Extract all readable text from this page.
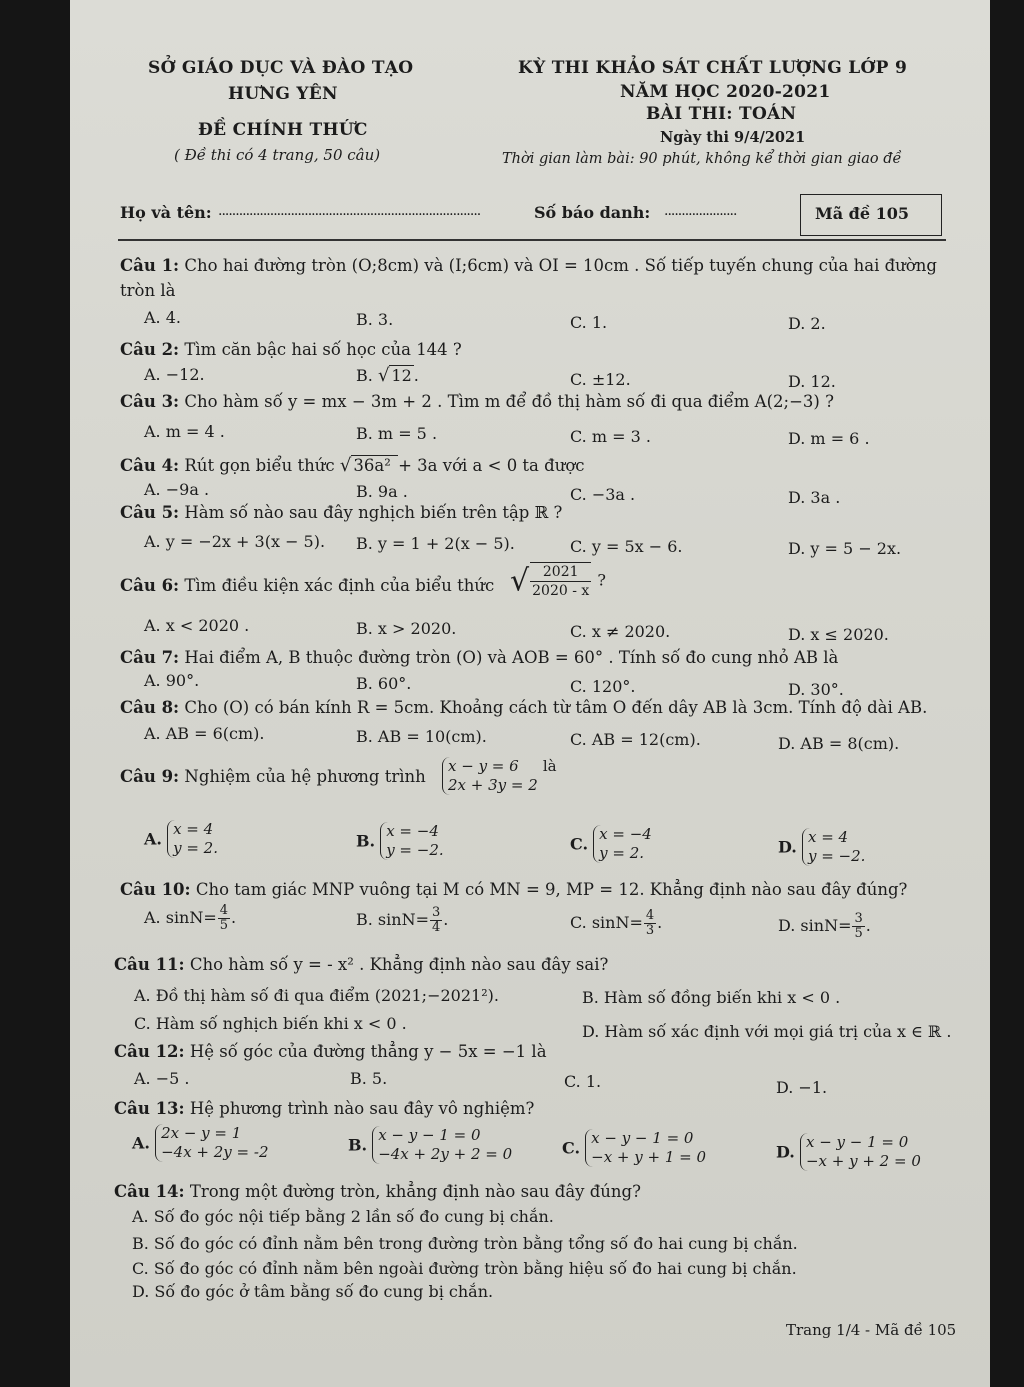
SỞ GIÁO DỤC VÀ ĐÀO TẠO
HƯNG YÊN
ĐỀ CHÍNH THỨC
( Đề thi có 4 trang, 50 câu)
KỲ THI KHẢO SÁT CHẤT LƯỢNG LỚP 9
NĂM HỌC 2020-2021
BÀI THI: TOÁN
Ngày thi 9/4/2021
Thời gian làm bài: 90 phút, không kể thời gian giao đề
Họ và tên: ............................................................................	Số báo danh: .....................	Mã đề 105
Câu 1: Cho hai đường tròn (O;8cm) và (I;6cm) và OI = 10cm . Số tiếp tuyến chung của hai đường
tròn là
A. 4.	B. 3.	C. 1.	D. 2.
Câu 2: Tìm căn bậc hai số học của 144 ?
A. −12.	B. √ 12 .	C. ±12.	D. 12.
Câu 3: Cho hàm số y = mx − 3m + 2 . Tìm m để đồ thị hàm số đi qua điểm A(2;−3) ?
A. m = 4 .	B. m = 5 .	C. m = 3 .	D. m = 6 .
Câu 4: Rút gọn biểu thức √ 36a² + 3a với a < 0 ta được
A. −9a .	B. 9a .	C. −3a .	D. 3a .
Câu 5: Hàm số nào sau đây nghịch biến trên tập ℝ ?
A. y = −2x + 3(x − 5). B. y = 1 + 2(x − 5).	C. y = 5x − 6.	D. y = 5 − 2x.
Câu 6: Tìm điều kiện xác định của biểu thức √ $\frac{2021}{2020 - x}$ ?
A. x < 2020 .	B. x > 2020.	C. x ≠ 2020.	D. x ≤ 2020.
Câu 7: Hai điểm A, B thuộc đường tròn (O) và AOB = 60° . Tính số đo cung nhỏ AB là
A. 90°.	B. 60°.	C. 120°.	D. 30°.
Câu 8: Cho (O) có bán kính R = 5cm. Khoảng cách từ tâm O đến dây AB là 3cm. Tính độ dài AB.
A. AB = 6(cm).	B. AB = 10(cm).	C. AB = 12(cm).	D. AB = 8(cm).
Câu 9: Nghiệm của hệ phương trình
x − y = 6
2x + 3y = 2 là
A. x = 4
y = 2.	B. x = −4
y = −2.	C. x = −4
y = 2.	D. x = 4
y = −2.
Câu 10: Cho tam giác MNP vuông tại M có MN = 9, MP = 12. Khẳng định nào sau đây đúng?
A. $\sin N= \frac{4}{5}$ .	B. $\sin N= \frac{3}{4}$ .	C. $\sin N= \frac{4}{3}$ .	D. $\sin N= \frac{3}{5}$ .
Câu 11: Cho hàm số y = - x² . Khẳng định nào sau đây sai?
A. Đồ thị hàm số đi qua điểm (2021;−2021²).	B. Hàm số đồng biến khi x < 0 .
C. Hàm số nghịch biến khi x < 0 .	D. Hàm số xác định với mọi giá trị của x ∈ ℝ .
Câu 12: Hệ số góc của đường thẳng y − 5x = −1 là
A. −5 .	B. 5.	C. 1.	D. −1.
Câu 13: Hệ phương trình nào sau đây vô nghiệm?
A. 2x − y = 1
−4x + 2y = -2	B. x − y − 1 = 0
−4x + 2y + 2 = 0	C. x − y − 1 = 0
−x + y + 1 = 0	D. x − y − 1 = 0
−x + y + 2 = 0
Câu 14: Trong một đường tròn, khẳng định nào sau đây đúng?
A. Số đo góc nội tiếp bằng 2 lần số đo cung bị chắn.
B. Số đo góc có đỉnh nằm bên trong đường tròn bằng tổng số đo hai cung bị chắn.
C. Số đo góc có đỉnh nằm bên ngoài đường tròn bằng hiệu số đo hai cung bị chắn.
D. Số đo góc ở tâm bằng số đo cung bị chắn.
Trang 1/4 - Mã đề 105
